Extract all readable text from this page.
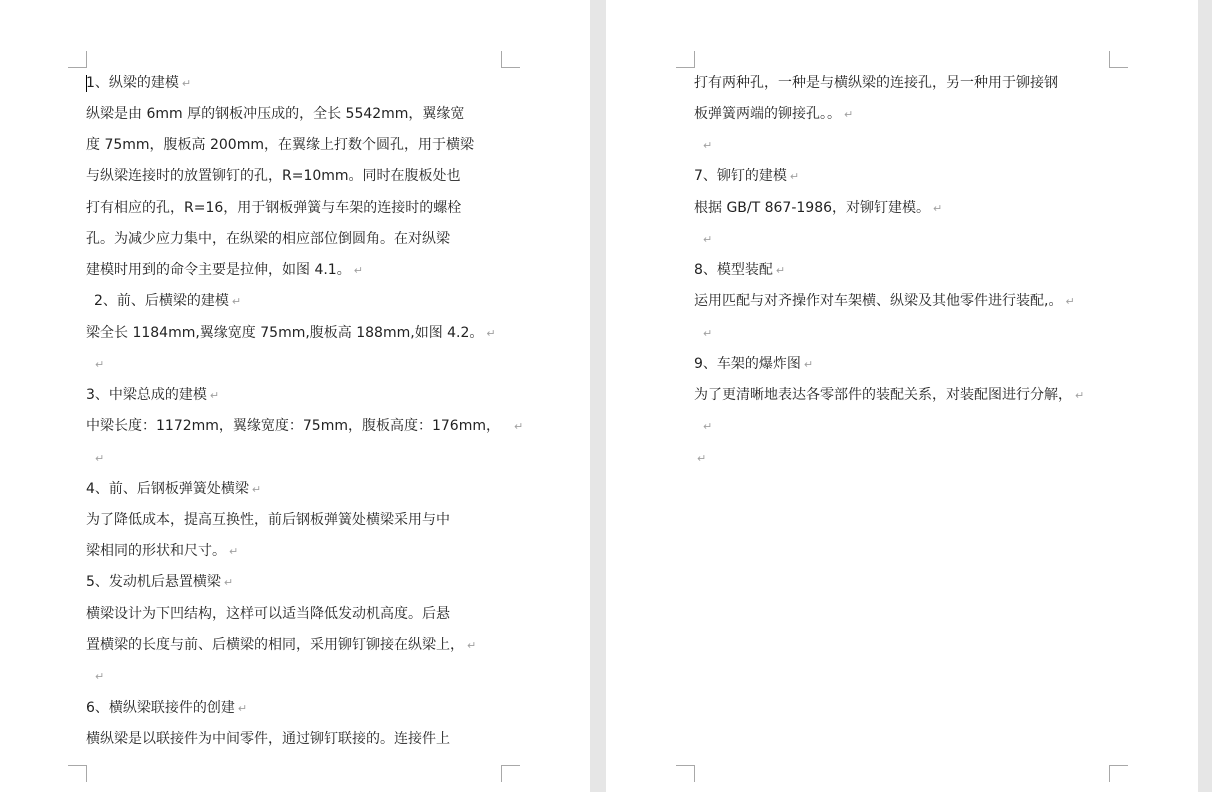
1、纵梁的建模↵
纵梁是由 6mm 厚的钢板冲压成的，全长 5542mm，翼缘宽
度 75mm，腹板高 200mm，在翼缘上打数个圆孔，用于横梁
与纵梁连接时的放置铆钉的孔，R=10mm。同时在腹板处也
打有相应的孔，R=16，用于钢板弹簧与车架的连接时的螺栓
孔。为减少应力集中，在纵梁的相应部位倒圆角。在对纵梁
建模时用到的命令主要是拉伸，如图 4.1。↵
2、前、后横梁的建模↵
梁全长 1184mm,翼缘宽度 75mm,腹板高 188mm,如图 4.2。↵
↵
3、中梁总成的建模↵
中梁长度：1172mm，翼缘宽度：75mm，腹板高度：176mm，↵
↵
4、前、后钢板弹簧处横梁↵
为了降低成本，提高互换性，前后钢板弹簧处横梁采用与中
梁相同的形状和尺寸。↵
5、发动机后悬置横梁↵
横梁设计为下凹结构，这样可以适当降低发动机高度。后悬
置横梁的长度与前、后横梁的相同，采用铆钉铆接在纵梁上，↵
↵
6、横纵梁联接件的创建↵
横纵梁是以联接件为中间零件，通过铆钉联接的。连接件上
打有两种孔，一种是与横纵梁的连接孔，另一种用于铆接钢
板弹簧两端的铆接孔。。↵
↵
7、铆钉的建模↵
根据 GB/T 867-1986，对铆钉建模。↵
↵
8、模型装配↵
运用匹配与对齐操作对车架横、纵梁及其他零件进行装配,。↵
↵
9、车架的爆炸图↵
为了更清晰地表达各零部件的装配关系，对装配图进行分解，↵
↵
↵
